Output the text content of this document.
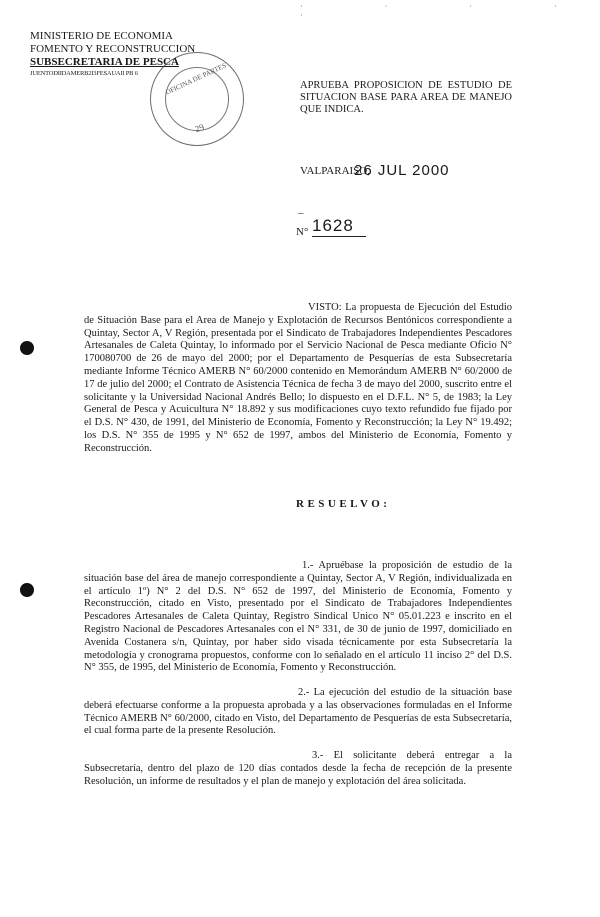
· · · · ·
MINISTERIO DE ECONOMIA
FOMENTO Y RECONSTRUCCION
SUBSECRETARIA DE PESCA
JUENTODIIDAMERB2I3FESAUAII PB 6	OFICINA DE PARTES
29
APRUEBA PROPOSICION DE ESTUDIO DE SITUACION BASE PARA AREA DE MANEJO QUE INDICA.
VALPARAISO,
26 JUL 2000
–
N° 1628
VISTO: La propuesta de Ejecución del Estudio de Situación Base para el Area de Manejo y Explotación de Recursos Bentónicos correspondiente a Quintay, Sector A, V Región, presentada por el Sindicato de Trabajadores Independientes Pescadores Artesanales de Caleta Quintay, lo informado por el Servicio Nacional de Pesca mediante Oficio N° 170080700 de 26 de mayo del 2000; por el Departamento de Pesquerías de esta Subsecretaría mediante Informe Técnico AMERB N° 60/2000 contenido en Memorándum AMERB N° 60/2000 de 17 de julio del 2000; el Contrato de Asistencia Técnica de fecha 3 de mayo del 2000, suscrito entre el solicitante y la Universidad Nacional Andrés Bello; lo dispuesto en el D.F.L. N° 5, de 1983; la Ley General de Pesca y Acuicultura N° 18.892 y sus modificaciones cuyo texto refundido fue fijado por el D.S. N° 430, de 1991, del Ministerio de Economía, Fomento y Reconstrucción; la Ley N° 19.492; los D.S. N° 355 de 1995 y N° 652 de 1997, ambos del Ministerio de Economía, Fomento y Reconstrucción.
RESUELVO:
1.- Apruébase la proposición de estudio de la situación base del área de manejo correspondiente a Quintay, Sector A, V Región, individualizada en el artículo 1º) N° 2 del D.S. N° 652 de 1997, del Ministerio de Economía, Fomento y Reconstrucción, citado en Visto, presentado por el Sindicato de Trabajadores Independientes Pescadores Artesanales de Caleta Quintay, Registro Sindical Unico N° 05.01.223 e inscrito en el Registro Nacional de Pescadores Artesanales con el N° 331, de 30 de junio de 1997, domiciliado en Avenida Costanera s/n, Quintay, por haber sido visada técnicamente por esta Subsecretaría la metodología y cronograma propuestos, conforme con lo señalado en el artículo 11 inciso 2° del D.S. N° 355, de 1995, del Ministerio de Economía, Fomento y Reconstrucción.
2.- La ejecución del estudio de la situación base deberá efectuarse conforme a la propuesta aprobada y a las observaciones formuladas en el Informe Técnico AMERB N° 60/2000, citado en Visto, del Departamento de Pesquerías de esta Subsecretaría, el cual forma parte de la presente Resolución.
3.- El solicitante deberá entregar a la Subsecretaría, dentro del plazo de 120 días contados desde la fecha de recepción de la presente Resolución, un informe de resultados y el plan de manejo y explotación del área solicitada.
